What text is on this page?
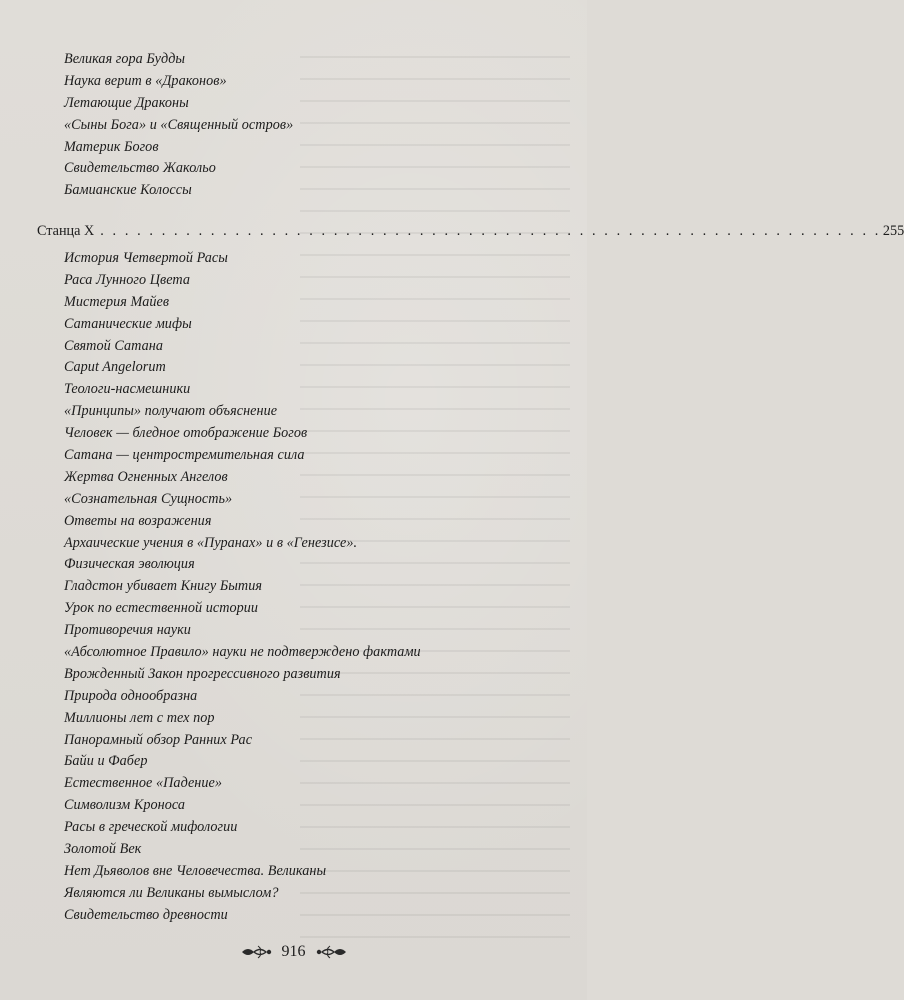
Великая гора Будды
Наука верит в «Драконов»
Летающие Драконы
«Сыны Бога» и «Священный остров»
Материк Богов
Свидетельство Жакольо
Бамианские Колоссы
Станца X . . . . . . . . . . . . . . . . . . . . . . . . . . . . . . . . . . . . . . . . . . . . . . . . . . . . . . . . . . . . . . . . 255
История Четвертой Расы
Раса Лунного Цвета
Мистерия Майев
Сатанические мифы
Святой Сатана
Caput Angelorum
Теологи-насмешники
«Принципы» получают объяснение
Человек — бледное отображение Богов
Сатана — центростремительная сила
Жертва Огненных Ангелов
«Сознательная Сущность»
Ответы на возражения
Архаические учения в «Пуранах» и в «Генезисе».
Физическая эволюция
Гладстон убивает Книгу Бытия
Урок по естественной истории
Противоречия науки
«Абсолютное Правило» науки не подтверждено фактами
Врожденный Закон прогрессивного развития
Природа однообразна
Миллионы лет с тех пор
Панорамный обзор Ранних Рас
Байи и Фабер
Естественное «Падение»
Символизм Кроноса
Расы в греческой мифологии
Золотой Век
Нет Дьяволов вне Человечества. Великаны
Являются ли Великаны вымыслом?
Свидетельство древности
916
